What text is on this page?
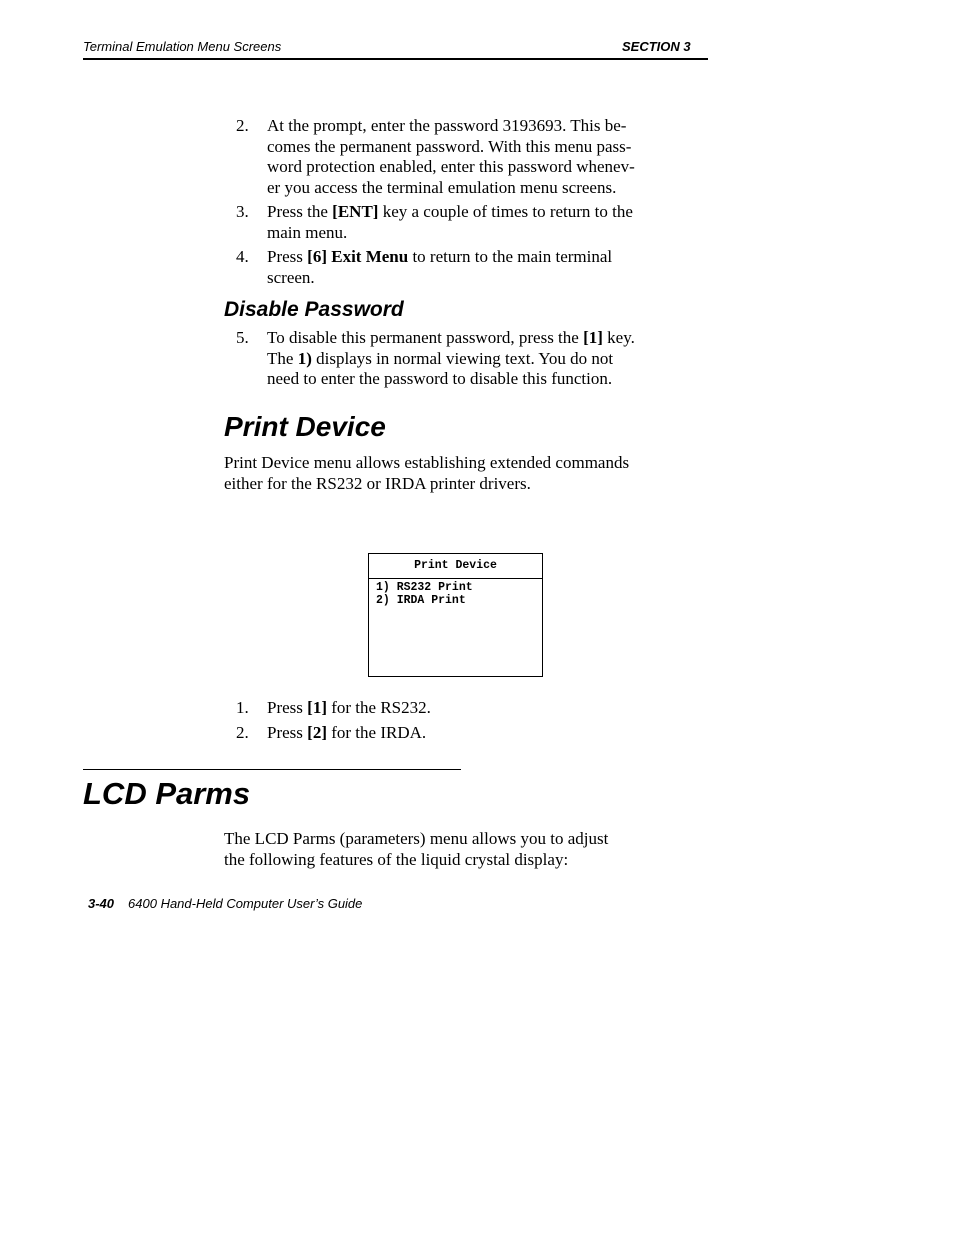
Terminal Emulation Menu Screens	SECTION 3
2. At the prompt, enter the password 3193693. This be-
comes the permanent password. With this menu pass-
word protection enabled, enter this password whenev-
er you access the terminal emulation menu screens.
3. Press the [ENT] key a couple of times to return to the
main menu.
4. Press [6] Exit Menu to return to the main terminal
screen.
Disable Password
5. To disable this permanent password, press the [1] key.
The 1) displays in normal viewing text. You do not
need to enter the password to disable this function.
Print Device
Print Device menu allows establishing extended commands
either for the RS232 or IRDA printer drivers.
Print Device
1) RS232 Print
2) IRDA Print
1. Press [1] for the RS232.
2. Press [2] for the IRDA.
LCD Parms
The LCD Parms (parameters) menu allows you to adjust
the following features of the liquid crystal display:
3-40 6400 Hand-Held Computer User’s Guide
